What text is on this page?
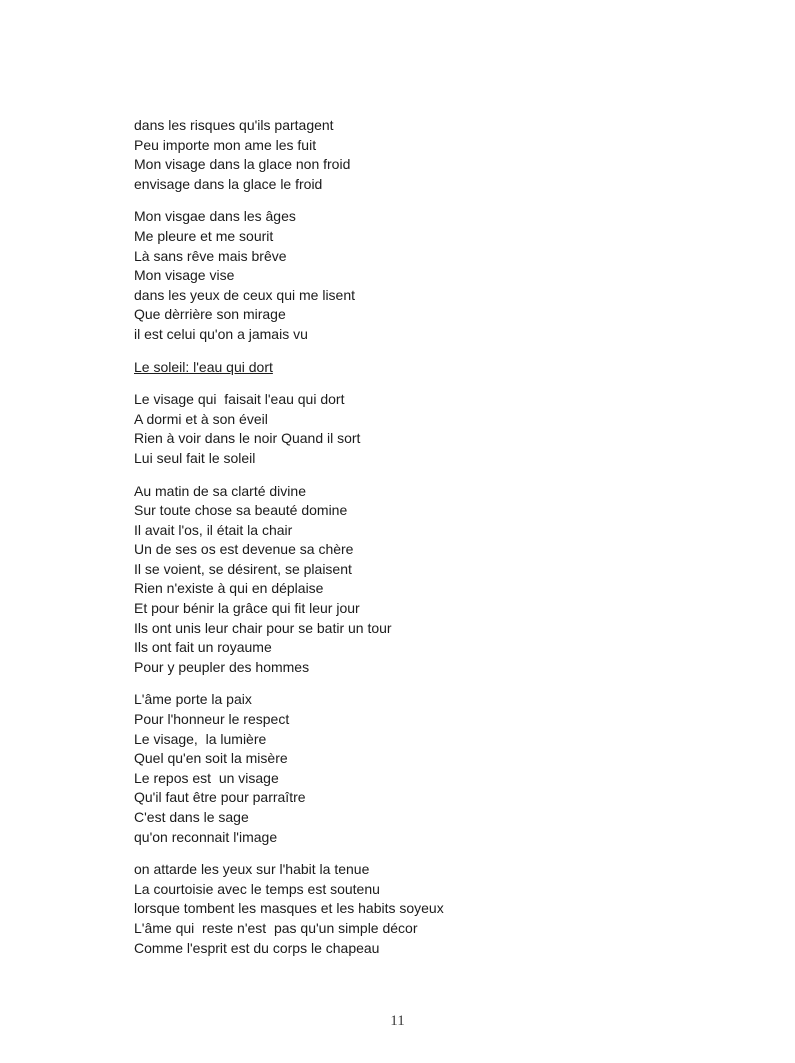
dans les risques qu'ils partagent
Peu importe mon ame les fuit
Mon visage dans la glace non froid
envisage dans la glace le froid
Mon visgae dans les âges
Me pleure et me sourit
Là sans rêve mais brêve
Mon visage vise
dans les yeux de ceux qui me lisent
Que dèrrière son mirage
il est celui qu'on a jamais vu
Le soleil: l'eau qui dort
Le visage qui  faisait l'eau qui dort
A dormi et à son éveil
Rien à voir dans le noir Quand il sort
Lui seul fait le soleil
Au matin de sa clarté divine
Sur toute chose sa beauté domine
Il avait l'os, il était la chair
Un de ses os est devenue sa chère
Il se voient, se désirent, se plaisent
Rien n'existe à qui en déplaise
Et pour bénir la grâce qui fit leur jour
Ils ont unis leur chair pour se batir un tour
Ils ont fait un royaume
Pour y peupler des hommes
L'âme porte la paix
Pour l'honneur le respect
Le visage,  la lumière
Quel qu'en soit la misère
Le repos est  un visage
Qu'il faut être pour parraître
C'est dans le sage
qu'on reconnait l'image
on attarde les yeux sur l'habit la tenue
La courtoisie avec le temps est soutenu
lorsque tombent les masques et les habits soyeux
L'âme qui  reste n'est  pas qu'un simple décor
Comme l'esprit est du corps le chapeau
11
